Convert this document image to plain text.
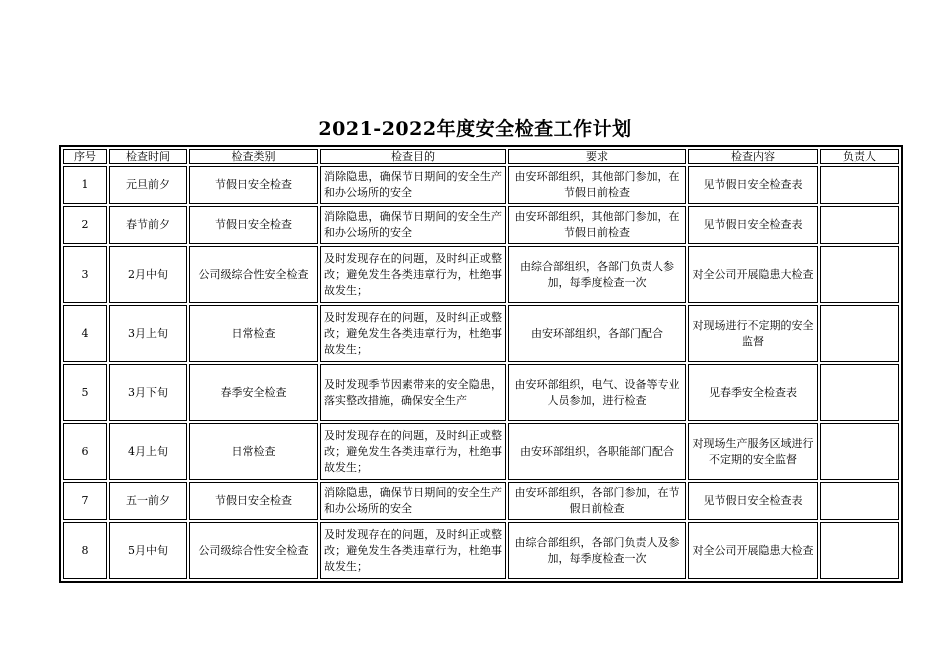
2021-2022年度安全检查工作计划
序号	检查时间	检查类别	检查目的	要求	检查内容	负责人
1	元旦前夕	节假日安全检查	消除隐患，确保节日期间的安全生产和办公场所的安全	由安环部组织，其他部门参加，在节假日前检查	见节假日安全检查表	
2	春节前夕	节假日安全检查	消除隐患，确保节日期间的安全生产和办公场所的安全	由安环部组织，其他部门参加，在节假日前检查	见节假日安全检查表	
3	2月中旬	公司级综合性安全检查	及时发现存在的问题，及时纠正或整改；避免发生各类违章行为，杜绝事故发生；	由综合部组织，各部门负责人参加，每季度检查一次	对全公司开展隐患大检查	
4	3月上旬	日常检查	及时发现存在的问题，及时纠正或整改；避免发生各类违章行为，杜绝事故发生；	由安环部组织，各部门配合	对现场进行不定期的安全监督	
5	3月下旬	春季安全检查	及时发现季节因素带来的安全隐患，落实整改措施，确保安全生产	由安环部组织，电气、设备等专业人员参加，进行检查	见春季安全检查表	
6	4月上旬	日常检查	及时发现存在的问题，及时纠正或整改；避免发生各类违章行为，杜绝事故发生；	由安环部组织，各职能部门配合	对现场生产服务区域进行不定期的安全监督	
7	五一前夕	节假日安全检查	消除隐患，确保节日期间的安全生产和办公场所的安全	由安环部组织，各部门参加，在节假日前检查	见节假日安全检查表	
8	5月中旬	公司级综合性安全检查	及时发现存在的问题，及时纠正或整改；避免发生各类违章行为，杜绝事故发生；	由综合部组织，各部门负责人及参加，每季度检查一次	对全公司开展隐患大检查	
